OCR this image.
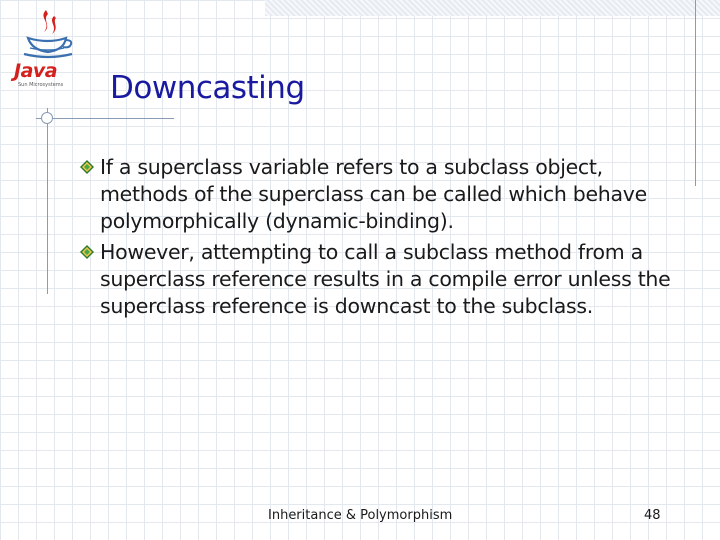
Java
Sun Microsystems	Downcasting
If a superclass variable refers to a subclass object, methods of the superclass can be called which behave polymorphically (dynamic-binding).
However, attempting to call a subclass method from a superclass reference results in a compile error unless the superclass reference is downcast to the subclass.
Inheritance & Polymorphism	48
